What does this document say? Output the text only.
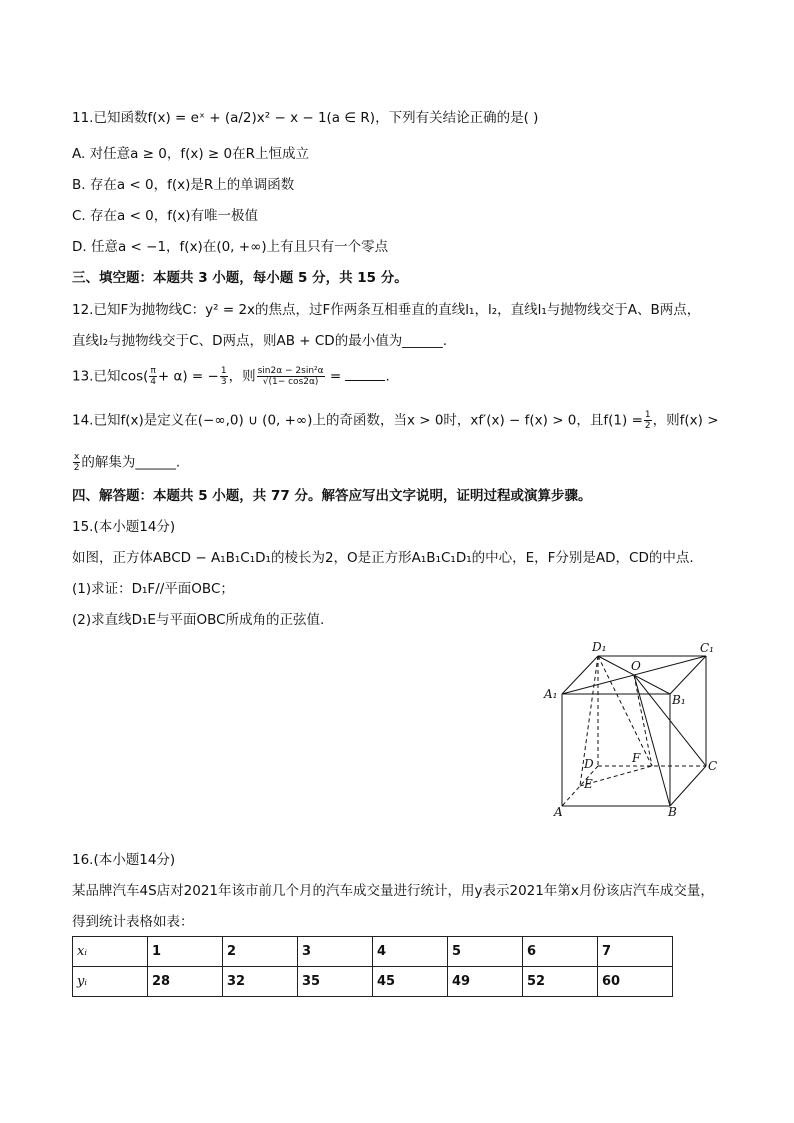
11.已知函数f(x) = eˣ + (a/2)x² − x − 1(a ∈ R)，下列有关结论正确的是( )
A. 对任意a ≥ 0，f(x) ≥ 0在R上恒成立
B. 存在a < 0，f(x)是R上的单调函数
C. 存在a < 0，f(x)有唯一极值
D. 任意a < −1，f(x)在(0, +∞)上有且只有一个零点
三、填空题：本题共 3 小题，每小题 5 分，共 15 分。
12.已知F为抛物线C：y² = 2x的焦点，过F作两条互相垂直的直线l₁，l₂，直线l₁与抛物线交于A、B两点，
直线l₂与抛物线交于C、D两点，则AB + CD的最小值为______.
13.已知$\cos( \frac{\pi}{4} + \alpha)$ = − $\frac{1}{3}$ ，则 $\frac{\text{sin2α − 2sin²α}}{√(1- \cos 2\alpha)}$ =	.
14.已知f(x)是定义在(−∞,0) ∪ (0, +∞)上的奇函数，当x > 0时，xf′(x) − f(x) > 0，且$f(1) = \frac{1}{2}$ ，则f(x) >
$\frac{x}{2}$ 的解集为______.
四、解答题：本题共 5 小题，共 77 分。解答应写出文字说明，证明过程或演算步骤。
15.(本小题14分)
如图，正方体ABCD − A₁B₁C₁D₁的棱长为2，O是正方形A₁B₁C₁D₁的中心，E，F分别是AD，CD的中点.
(1)求证：D₁F//平面OBC；
(2)求直线D₁E与平面OBC所成角的正弦值.
D₁	C₁
A₁	B₁
O
D	F
C
E
A	B
16.(本小题14分)
某品牌汽车4S店对2021年该市前几个月的汽车成交量进行统计，用y表示2021年第x月份该店汽车成交量，
得到统计表格如表：
xᵢ	1	2	3	4	5	6	7
yᵢ	28	32	35	45	49	52	60
